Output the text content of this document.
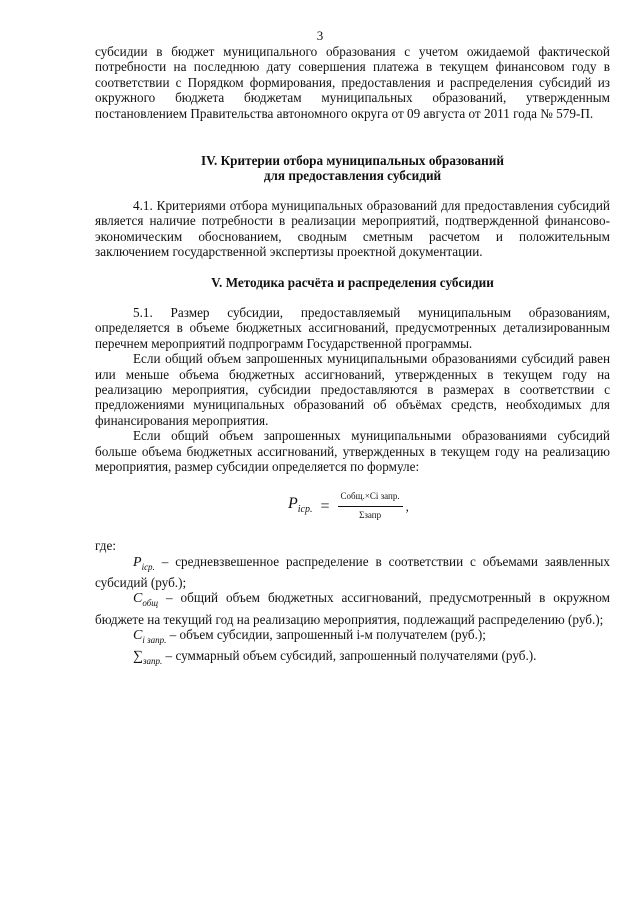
3

субсидии в бюджет муниципального образования с учетом ожидаемой фактической потребности на последнюю дату совершения платежа в текущем финансовом году в соответствии с Порядком формирования, предоставления и распределения субсидий из окружного бюджета бюджетам муниципальных образований, утвержденным постановлением Правительства автономного округа от 09 августа от 2011 года № 579-П.

IV. Критерии отбора муниципальных образований
для предоставления субсидий

4.1. Критериями отбора муниципальных образований для предоставления субсидий является наличие потребности в реализации мероприятий, подтвержденной финансово-экономическим обоснованием, сводным сметным расчетом и положительным заключением государственной экспертизы проектной документации.

V. Методика расчёта и распределения субсидии

5.1. Размер субсидии, предоставляемый муниципальным образованиям, определяется в объеме бюджетных ассигнований, предусмотренных детализированным перечнем мероприятий подпрограмм Государственной программы.

Если общий объем запрошенных муниципальными образованиями субсидий равен или меньше объема бюджетных ассигнований, утвержденных в текущем году на реализацию мероприятия, субсидии предоставляются в размерах в соответствии с предложениями муниципальных образований об объёмах средств, необходимых для финансирования мероприятия.

Если общий объем запрошенных муниципальными образованиями субсидий больше объема бюджетных ассигнований, утвержденных в текущем году на реализацию мероприятия, размер субсидии определяется по формуле:

$P_{iср.} = \frac{\text{Cобщ.×Ci запр.}}{\text{Σзапр}}$ ,

где:

$P_{iср.}$ – средневзвешенное распределение в соответствии с объемами заявленных субсидий (руб.);

$C_{общ}$ – общий объем бюджетных ассигнований, предусмотренный в окружном бюджете на текущий год на реализацию мероприятия, подлежащий распределению (руб.);

$C_{i запр.}$ – объем субсидии, запрошенный i-м получателем (руб.);

$\sum_{запр.}$ – суммарный объем субсидий, запрошенный получателями (руб.).
